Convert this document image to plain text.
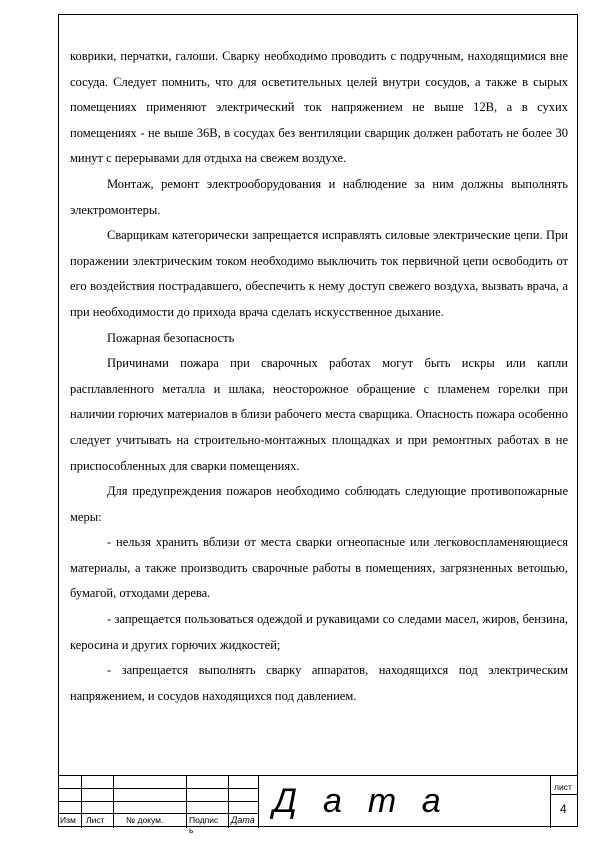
коврики, перчатки, галоши. Сварку необходимо проводить с подручным, находящимися вне сосуда. Следует помнить, что для осветительных целей внутри сосудов, а также в сырых помещениях применяют электрический ток напряжением не выше 12В, а в сухих помещениях - не выше 36В, в сосудах без вентиляции сварщик должен работать не более 30 минут с перерывами для отдыха на свежем воздухе.

Монтаж, ремонт электрооборудования и наблюдение за ним должны выполнять электромонтеры.

Сварщикам категорически запрещается исправлять силовые электрические цепи. При поражении электрическим током необходимо выключить ток первичной цепи освободить от его воздействия пострадавшего, обеспечить к нему доступ свежего воздуха, вызвать врача, а при необходимости до прихода врача сделать искусственное дыхание.

Пожарная безопасность

Причинами пожара при сварочных работах могут быть искры или капли расплавленного металла и шлака, неосторожное обращение с пламенем горелки при наличии горючих материалов в близи рабочего места сварщика. Опасность пожара особенно следует учитывать на строительно-монтажных площадках и при ремонтных работах в не приспособленных для сварки помещениях.

Для предупреждения пожаров необходимо соблюдать следующие противопожарные меры:

- нельзя хранить вблизи от места сварки огнеопасные или легковоспламеняющиеся материалы, а также производить сварочные работы в помещениях, загрязненных ветошью, бумагой, отходами дерева.

- запрещается пользоваться одеждой и рукавицами со следами масел, жиров, бензина, керосина и других горючих жидкостей;

- запрещается выполнять сварку аппаратов, находящихся под электрическим напряжением, и сосудов находящихся под давлением.

Изм Лист	№ докум.	Подпис
ь
Дата Дата	лист
4
